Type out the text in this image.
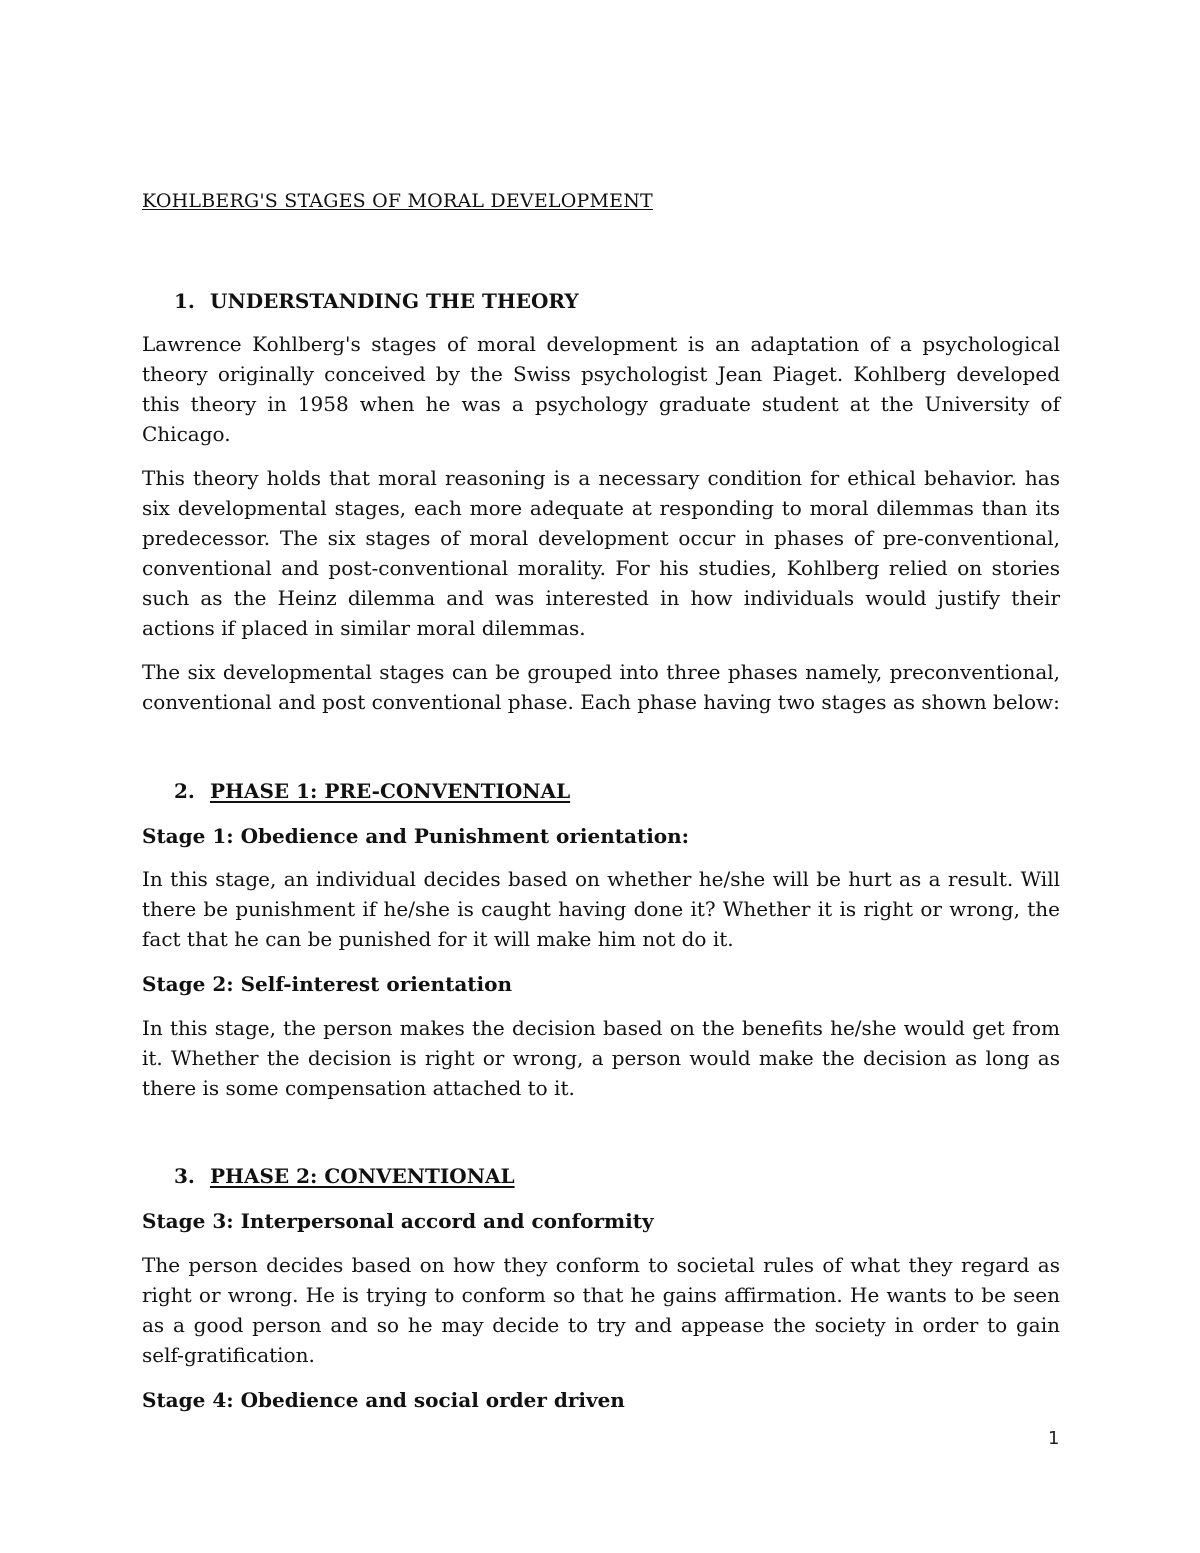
KOHLBERG'S STAGES OF MORAL DEVELOPMENT
1. UNDERSTANDING THE THEORY

Lawrence Kohlberg's stages of moral development is an adaptation of a psychological theory originally conceived by the Swiss psychologist Jean Piaget. Kohlberg developed this theory in 1958 when he was a psychology graduate student at the University of Chicago.

This theory holds that moral reasoning is a necessary condition for ethical behavior. has six developmental stages, each more adequate at responding to moral dilemmas than its predecessor. The six stages of moral development occur in phases of pre-conventional, conventional and post-conventional morality. For his studies, Kohlberg relied on stories such as the Heinz dilemma and was interested in how individuals would justify their actions if placed in similar moral dilemmas.

The six developmental stages can be grouped into three phases namely, preconventional, conventional and post conventional phase. Each phase having two stages as shown below:

2. PHASE 1: PRE-CONVENTIONAL
Stage 1: Obedience and Punishment orientation:

In this stage, an individual decides based on whether he/she will be hurt as a result. Will there be punishment if he/she is caught having done it? Whether it is right or wrong, the fact that he can be punished for it will make him not do it.

Stage 2: Self-interest orientation

In this stage, the person makes the decision based on the benefits he/she would get from it. Whether the decision is right or wrong, a person would make the decision as long as there is some compensation attached to it.

3. PHASE 2: CONVENTIONAL
Stage 3: Interpersonal accord and conformity

The person decides based on how they conform to societal rules of what they regard as right or wrong. He is trying to conform so that he gains affirmation. He wants to be seen as a good person and so he may decide to try and appease the society in order to gain self-gratification.

Stage 4: Obedience and social order driven
1
